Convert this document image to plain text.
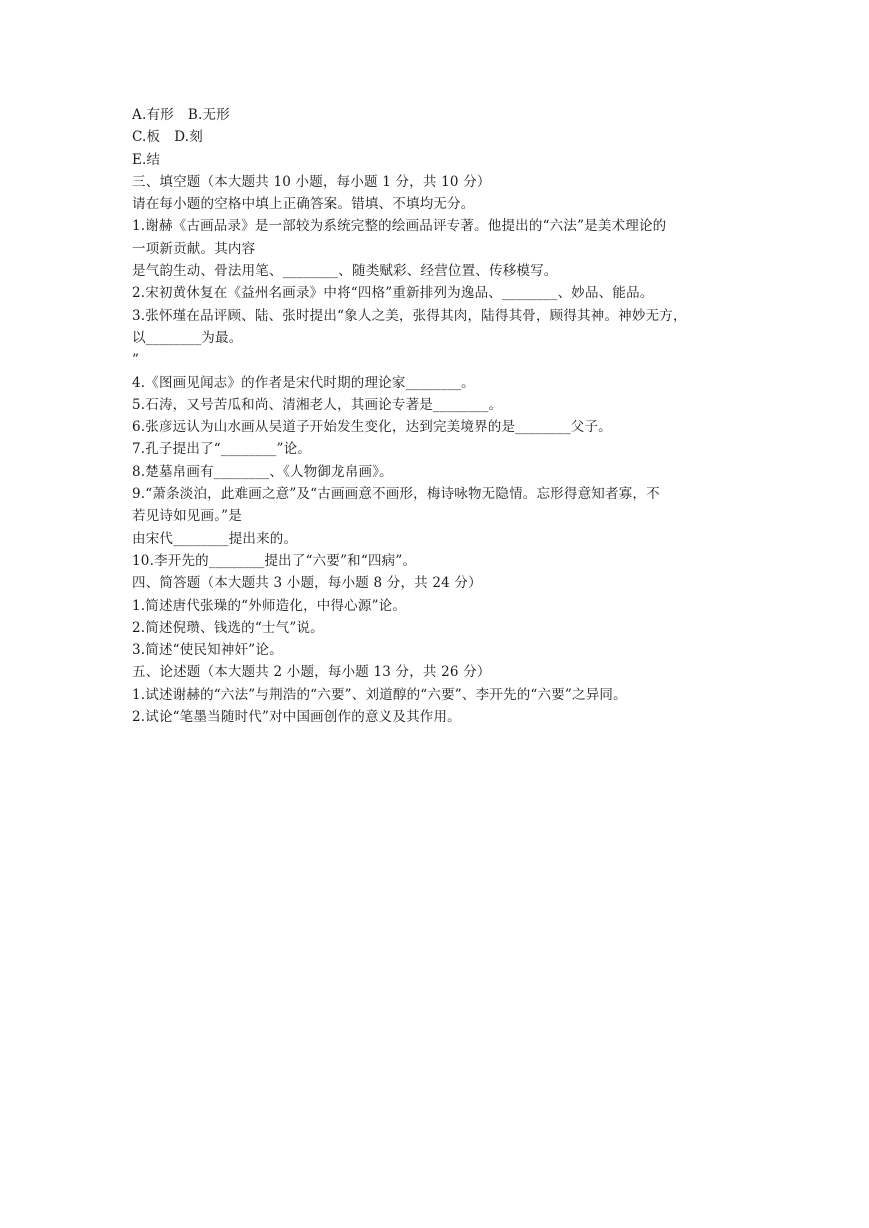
A.有形 B.无形
C.板 D.刻
E.结
三、填空题（本大题共 10 小题，每小题 1 分，共 10 分）
请在每小题的空格中填上正确答案。错填、不填均无分。
1.谢赫《古画品录》是一部较为系统完整的绘画品评专著。他提出的“六法”是美术理论的
一项新贡献。其内容
是气韵生动、骨法用笔、________、随类赋彩、经营位置、传移模写。
2.宋初黄休复在《益州名画录》中将“四格”重新排列为逸品、________、妙品、能品。
3.张怀瑾在品评顾、陆、张时提出“象人之美，张得其肉，陆得其骨，顾得其神。神妙无方，
以________为最。
”
4.《图画见闻志》的作者是宋代时期的理论家________。
5.石涛，又号苦瓜和尚、清湘老人，其画论专著是________。
6.张彦远认为山水画从吴道子开始发生变化，达到完美境界的是________父子。
7.孔子提出了“________”论。
8.楚墓帛画有________、《人物御龙帛画》。
9.“萧条淡泊，此难画之意”及“古画画意不画形，梅诗咏物无隐情。忘形得意知者寡，不
若见诗如见画。”是
由宋代________提出来的。
10.李开先的________提出了“六要”和“四病”。
四、简答题（本大题共 3 小题，每小题 8 分，共 24 分）
1.简述唐代张璪的“外师造化，中得心源”论。
2.简述倪瓒、钱选的“士气”说。
3.简述“使民知神奸”论。
五、论述题（本大题共 2 小题，每小题 13 分，共 26 分）
1.试述谢赫的“六法”与荆浩的“六要”、刘道醇的“六要”、李开先的“六要”之异同。
2.试论“笔墨当随时代”对中国画创作的意义及其作用。
